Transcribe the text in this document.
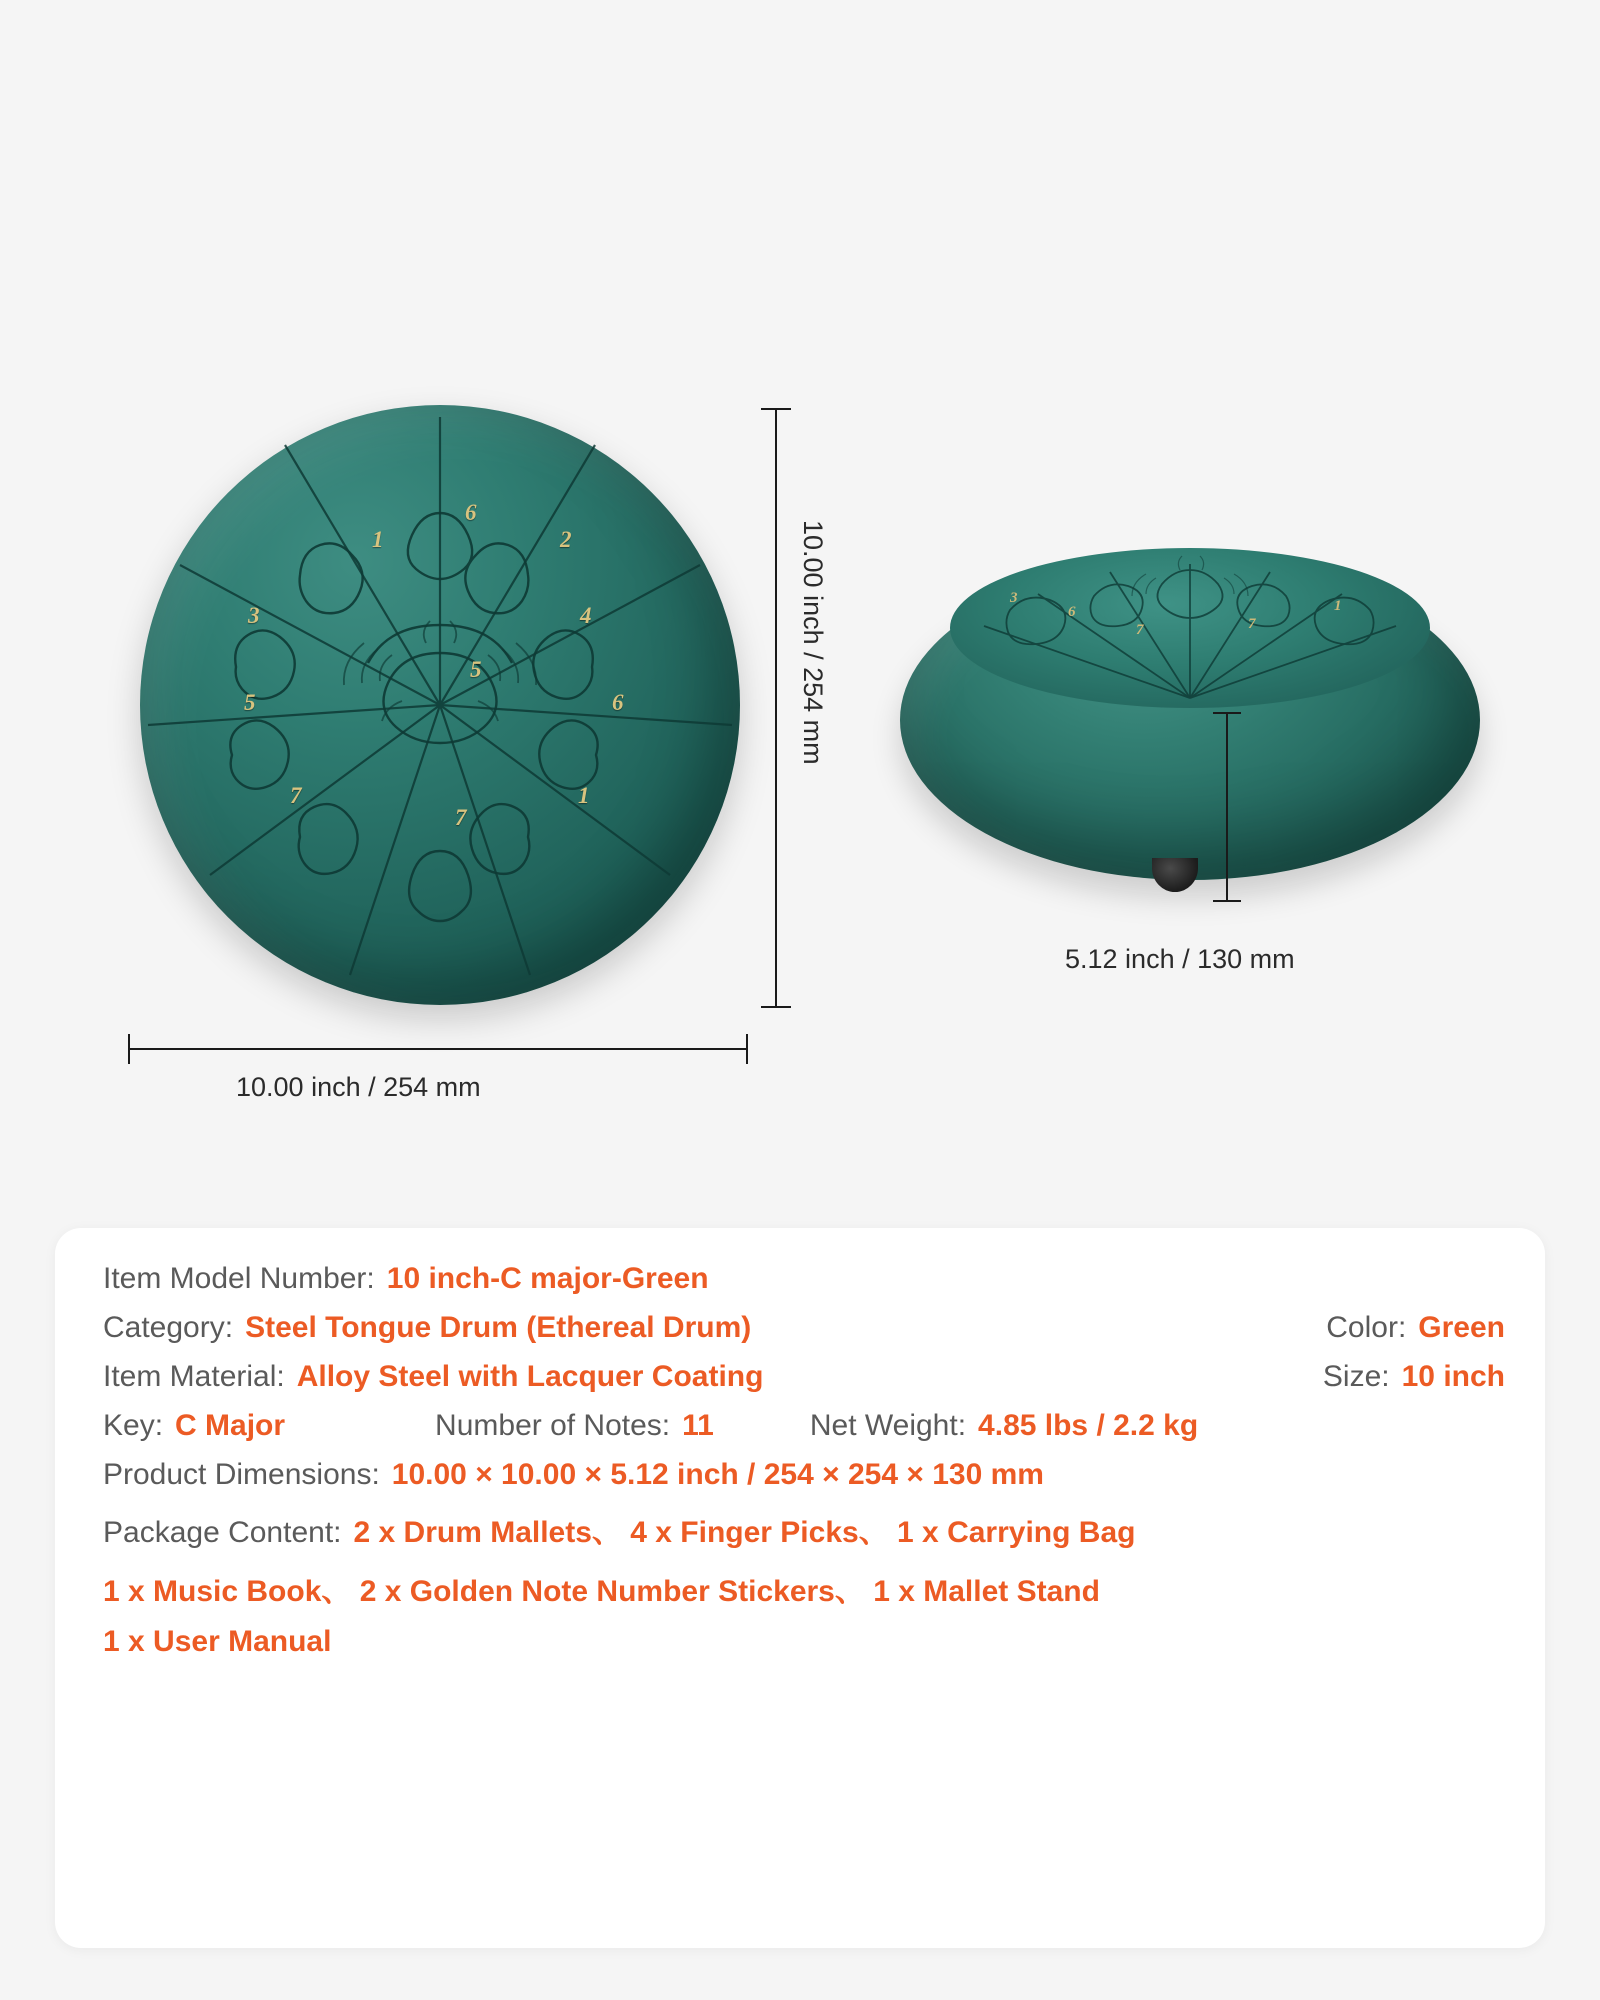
6
1	2
3	4
5
5	6
7
7
1
10.00 inch / 254 mm
10.00 inch / 254 mm
3
6
7	7
1
5.12 inch / 130 mm
Item Model Number: 10 inch-C major-Green
Category: Steel Tongue Drum (Ethereal Drum)	Color: Green
Item Material: Alloy Steel with Lacquer Coating	Size: 10 inch
Key: C Major	Number of Notes: 11	Net Weight: 4.85 lbs / 2.2 kg
Product Dimensions: 10.00 × 10.00 × 5.12 inch / 254 × 254 × 130 mm
Package Content: 2 x Drum Mallets、 4 x Finger Picks、 1 x Carrying Bag
1 x Music Book、 2 x Golden Note Number Stickers、 1 x Mallet Stand
1 x User Manual
